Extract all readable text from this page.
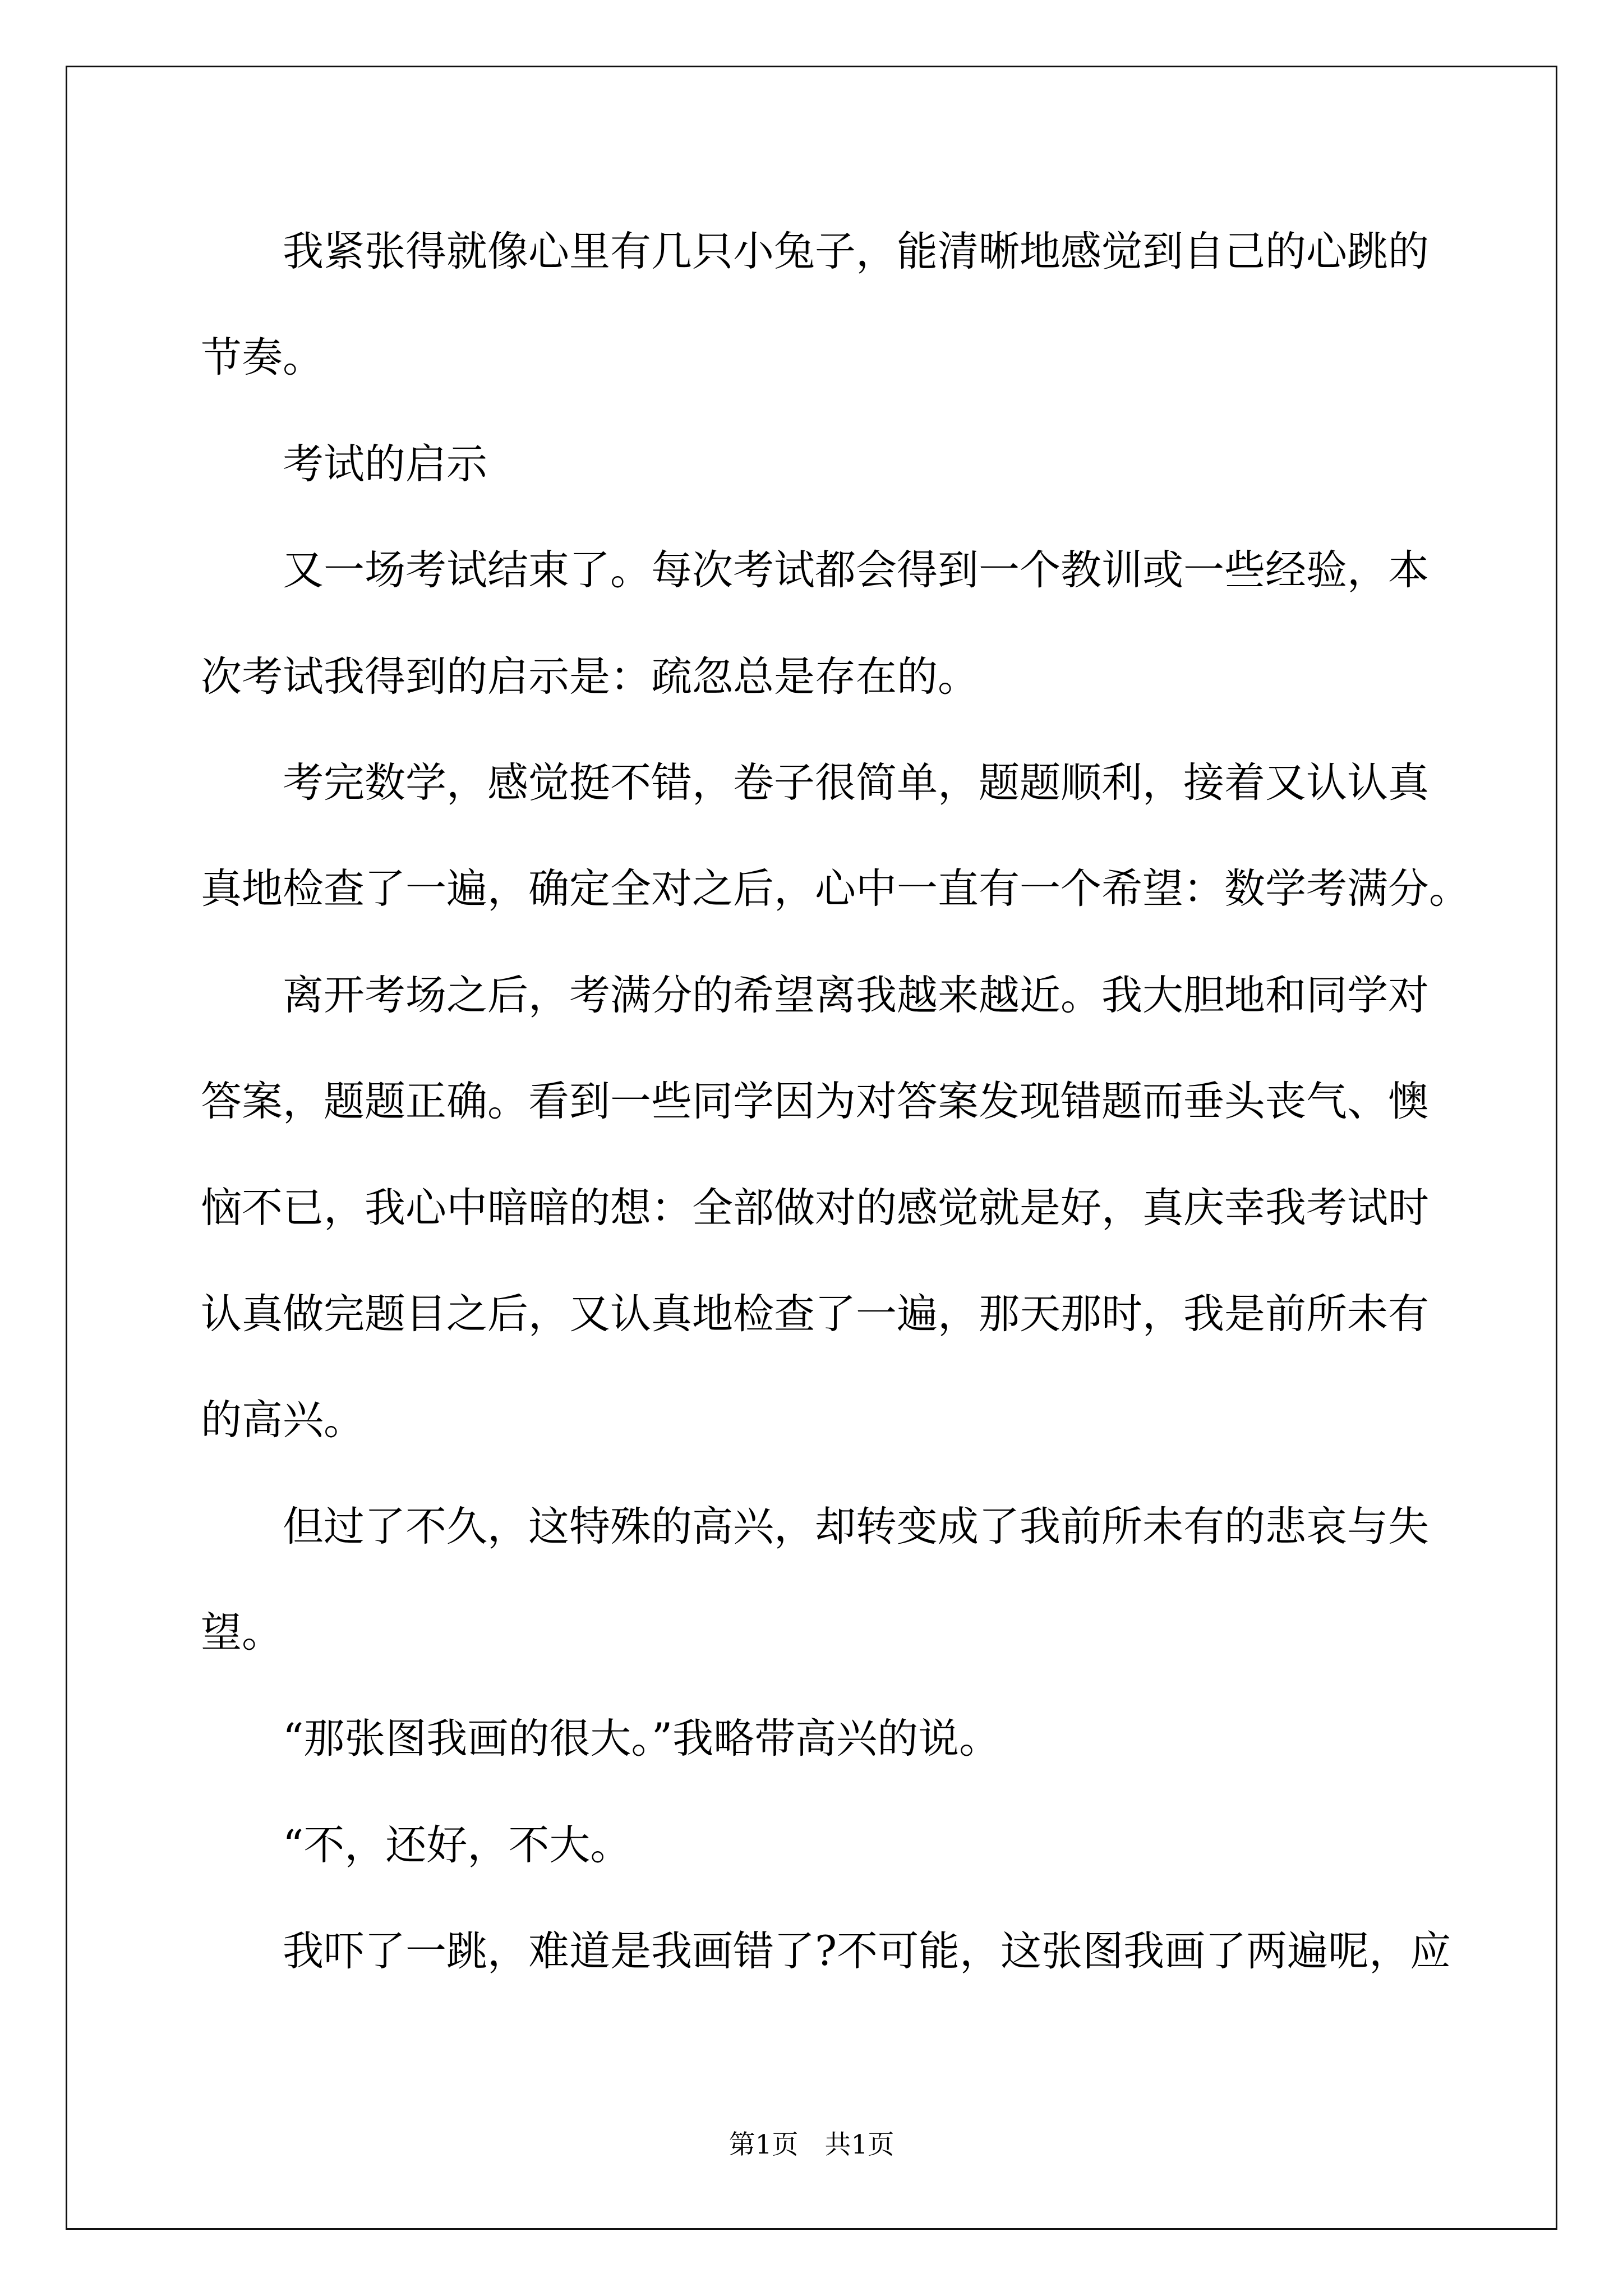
我紧张得就像心里有几只小兔子，能清晰地感觉到自己的心跳的
节奏。
考试的启示
又一场考试结束了。每次考试都会得到一个教训或一些经验，本
次考试我得到的启示是：疏忽总是存在的。
考完数学，感觉挺不错，卷子很简单，题题顺利，接着又认认真
真地检查了一遍，确定全对之后，心中一直有一个希望：数学考满分。
离开考场之后，考满分的希望离我越来越近。我大胆地和同学对
答案，题题正确。看到一些同学因为对答案发现错题而垂头丧气、懊
恼不已，我心中暗暗的想：全部做对的感觉就是好，真庆幸我考试时
认真做完题目之后，又认真地检查了一遍，那天那时，我是前所未有
的高兴。
但过了不久，这特殊的高兴，却转变成了我前所未有的悲哀与失
望。
“那张图我画的很大。”我略带高兴的说。
“不，还好，不大。
我吓了一跳，难道是我画错了?不可能，这张图我画了两遍呢，应
第1页　共1页
